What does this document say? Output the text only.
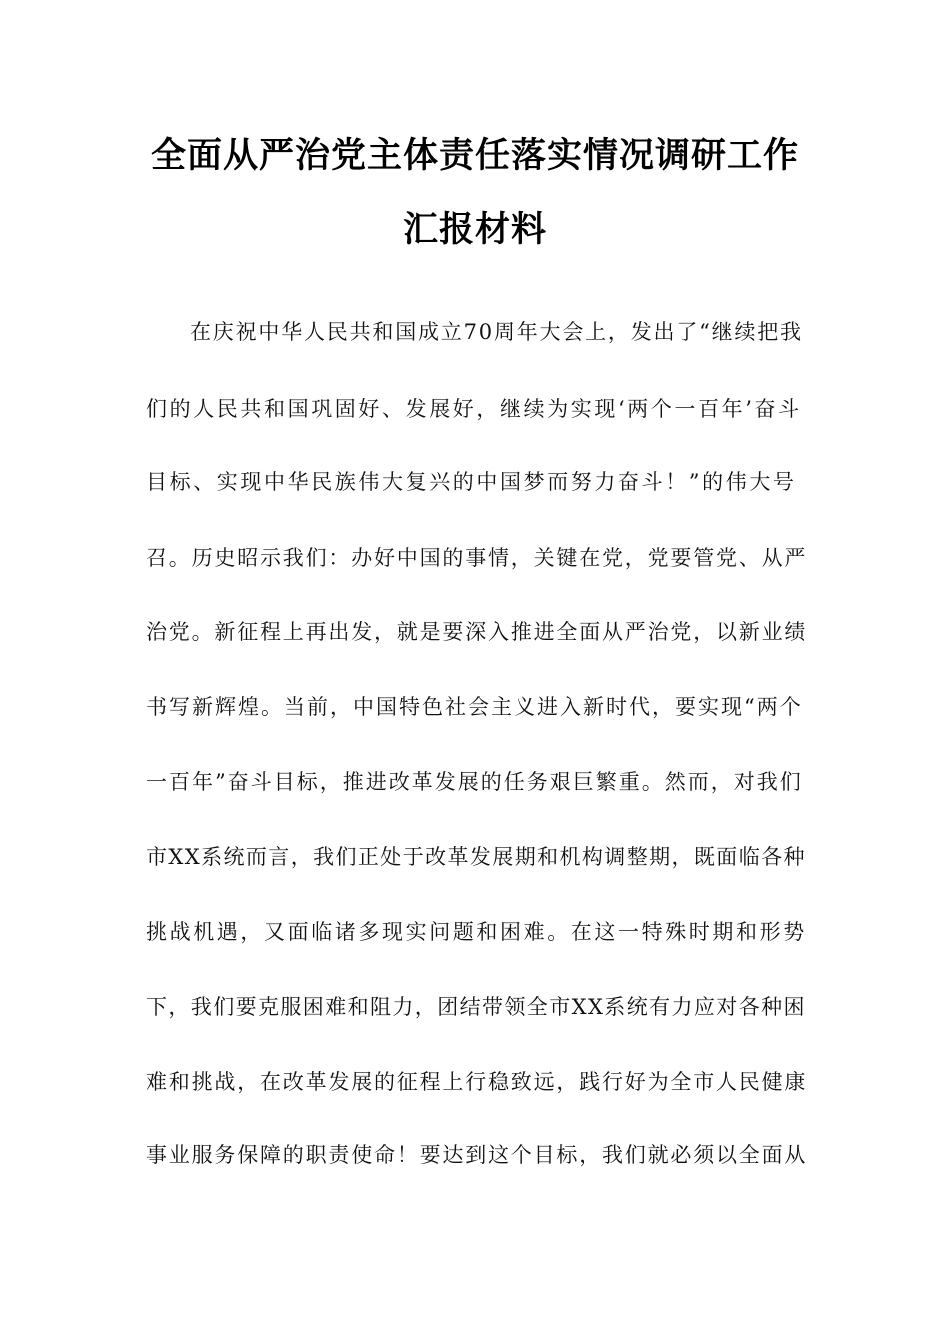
全面从严治党主体责任落实情况调研工作
汇报材料
在庆祝中华人民共和国成立70周年大会上，发出了“继续把我
们的人民共和国巩固好、发展好，继续为实现‘两个一百年’奋斗
目标、实现中华民族伟大复兴的中国梦而努力奋斗！”的伟大号
召。历史昭示我们：办好中国的事情，关键在党，党要管党、从严
治党。新征程上再出发，就是要深入推进全面从严治党，以新业绩
书写新辉煌。当前，中国特色社会主义进入新时代，要实现“两个
一百年”奋斗目标，推进改革发展的任务艰巨繁重。然而，对我们
市XX系统而言，我们正处于改革发展期和机构调整期，既面临各种
挑战机遇，又面临诸多现实问题和困难。在这一特殊时期和形势
下，我们要克服困难和阻力，团结带领全市XX系统有力应对各种困
难和挑战，在改革发展的征程上行稳致远，践行好为全市人民健康
事业服务保障的职责使命！要达到这个目标，我们就必须以全面从
